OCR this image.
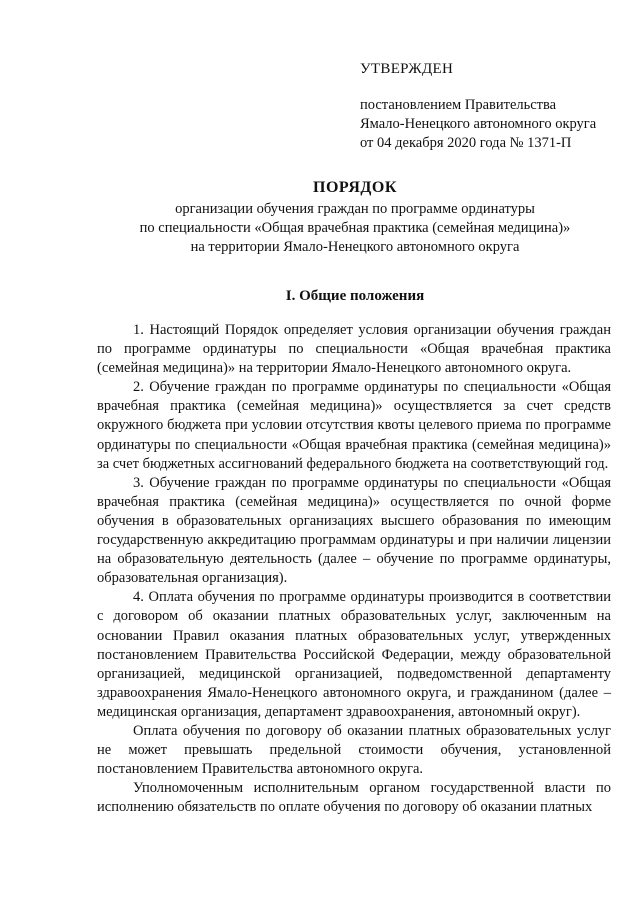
УТВЕРЖДЕН
постановлением Правительства
Ямало-Ненецкого автономного округа
от 04 декабря 2020 года № 1371-П
ПОРЯДОК
организации обучения граждан по программе ординатуры
по специальности «Общая врачебная практика (семейная медицина)»
на территории Ямало-Ненецкого автономного округа
I. Общие положения

1. Настоящий Порядок определяет условия организации обучения граждан по программе ординатуры по специальности «Общая врачебная практика (семейная медицина)» на территории Ямало-Ненецкого автономного округа.

2. Обучение граждан по программе ординатуры по специальности «Общая врачебная практика (семейная медицина)» осуществляется за счет средств окружного бюджета при условии отсутствия квоты целевого приема по программе ординатуры по специальности «Общая врачебная практика (семейная медицина)» за счет бюджетных ассигнований федерального бюджета на соответствующий год.

3. Обучение граждан по программе ординатуры по специальности «Общая врачебная практика (семейная медицина)» осуществляется по очной форме обучения в образовательных организациях высшего образования по имеющим государственную аккредитацию программам ординатуры и при наличии лицензии на образовательную деятельность (далее – обучение по программе ординатуры, образовательная организация).

4. Оплата обучения по программе ординатуры производится в соответствии с договором об оказании платных образовательных услуг, заключенным на основании Правил оказания платных образовательных услуг, утвержденных постановлением Правительства Российской Федерации, между образовательной организацией, медицинской организацией, подведомственной департаменту здравоохранения Ямало-Ненецкого автономного округа, и гражданином (далее – медицинская организация, департамент здравоохранения, автономный округ).

Оплата обучения по договору об оказании платных образовательных услуг не может превышать предельной стоимости обучения, установленной постановлением Правительства автономного округа.

Уполномоченным исполнительным органом государственной власти по исполнению обязательств по оплате обучения по договору об оказании платных
